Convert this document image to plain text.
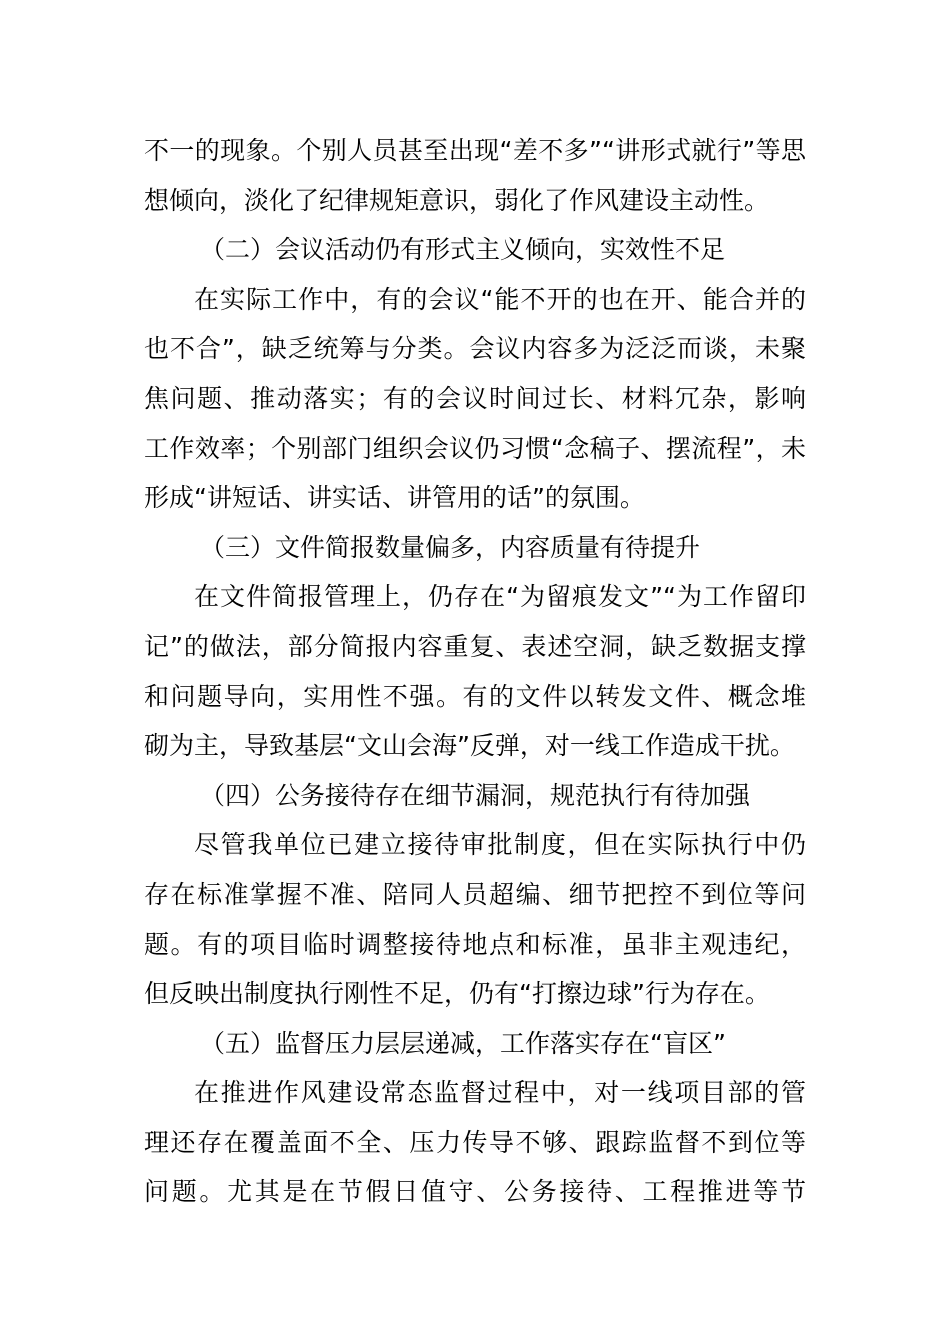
不一的现象。个别人员甚至出现“差不多”“讲形式就行”等思
想倾向，淡化了纪律规矩意识，弱化了作风建设主动性。
（二）会议活动仍有形式主义倾向，实效性不足
在实际工作中，有的会议“能不开的也在开、能合并的
也不合”，缺乏统筹与分类。会议内容多为泛泛而谈，未聚
焦问题、推动落实；有的会议时间过长、材料冗杂，影响
工作效率；个别部门组织会议仍习惯“念稿子、摆流程”，未
形成“讲短话、讲实话、讲管用的话”的氛围。
（三）文件简报数量偏多，内容质量有待提升
在文件简报管理上，仍存在“为留痕发文”“为工作留印
记”的做法，部分简报内容重复、表述空洞，缺乏数据支撑
和问题导向，实用性不强。有的文件以转发文件、概念堆
砌为主，导致基层“文山会海”反弹，对一线工作造成干扰。
（四）公务接待存在细节漏洞，规范执行有待加强
尽管我单位已建立接待审批制度，但在实际执行中仍
存在标准掌握不准、陪同人员超编、细节把控不到位等问
题。有的项目临时调整接待地点和标准，虽非主观违纪，
但反映出制度执行刚性不足，仍有“打擦边球”行为存在。
（五）监督压力层层递减，工作落实存在“盲区”
在推进作风建设常态监督过程中，对一线项目部的管
理还存在覆盖面不全、压力传导不够、跟踪监督不到位等
问题。尤其是在节假日值守、公务接待、工程推进等节
